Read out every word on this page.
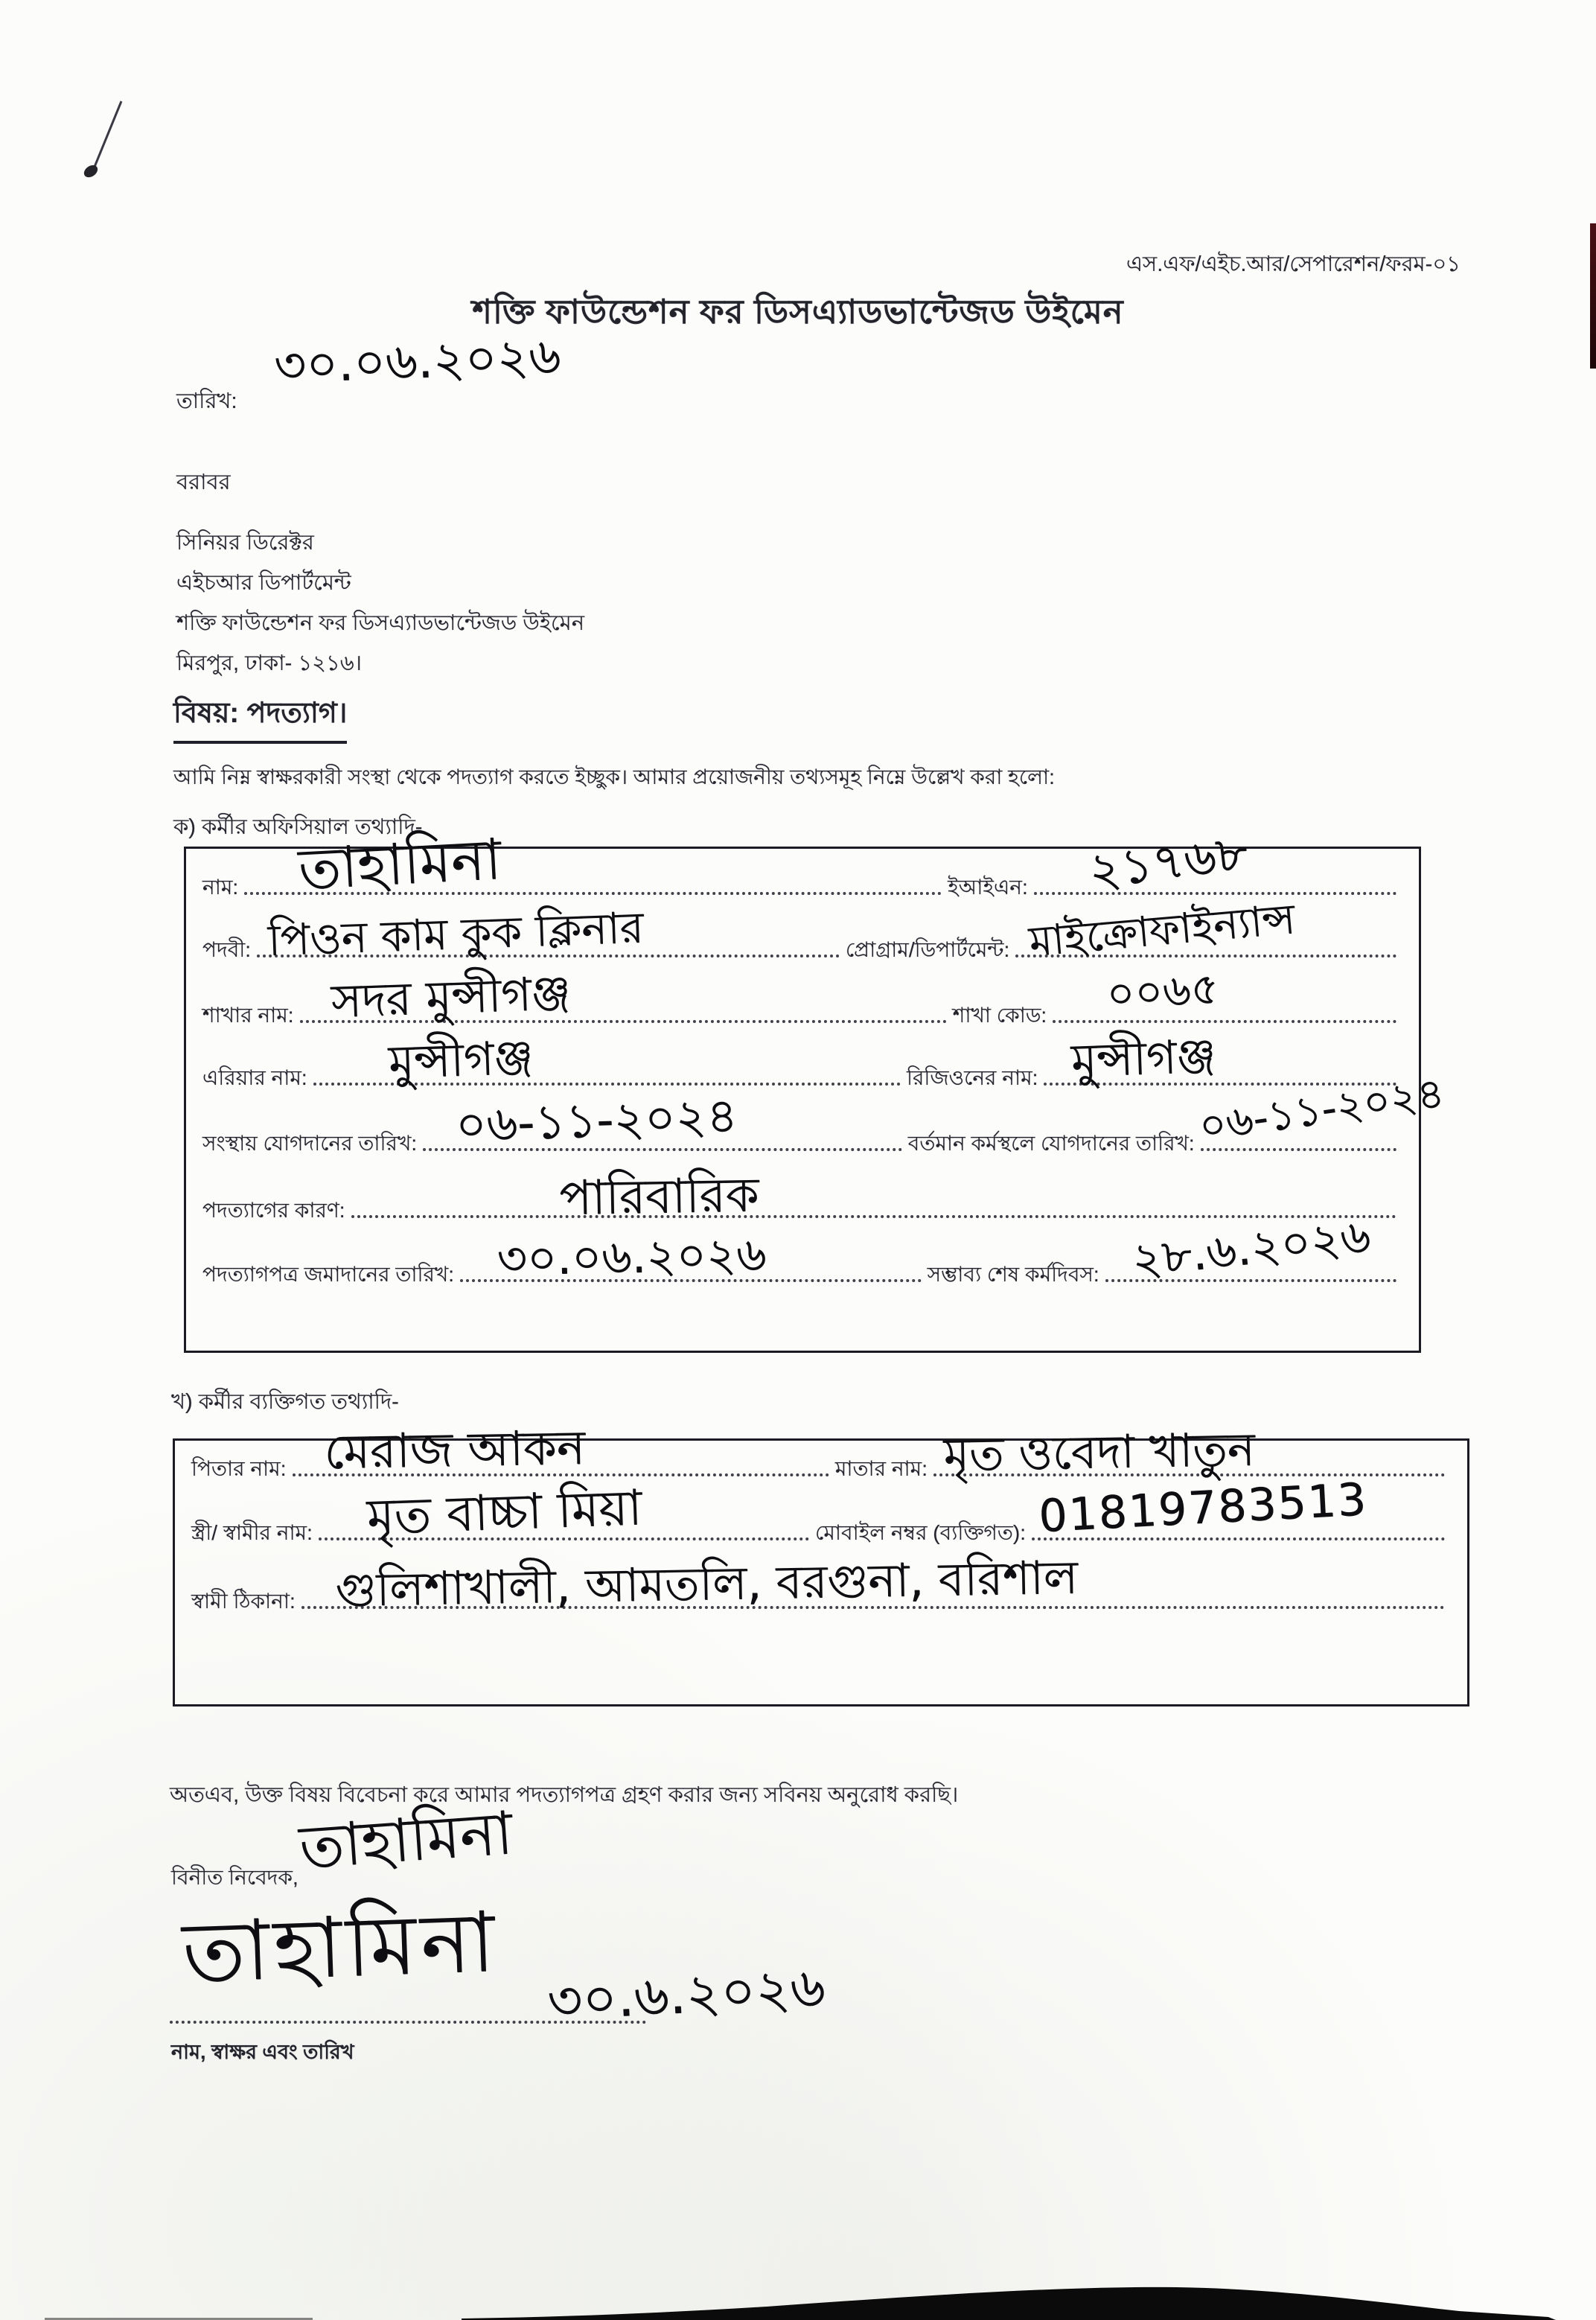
এস.এফ/এইচ.আর/সেপারেশন/ফরম-০১
শক্তি ফাউন্ডেশন ফর ডিসএ্যাডভান্টেজড উইমেন
তারিখ:
৩০.০৬.২০২৬
বরাবর
সিনিয়র ডিরেক্টর
এইচআর ডিপার্টমেন্ট
শক্তি ফাউন্ডেশন ফর ডিসএ্যাডভান্টেজড উইমেন
মিরপুর, ঢাকা- ১২১৬।
বিষয়: পদত্যাগ।
আমি নিম্ন স্বাক্ষরকারী সংস্থা থেকে পদত্যাগ করতে ইচ্ছুক। আমার প্রয়োজনীয় তথ্যসমূহ নিম্নে উল্লেখ করা হলো:
ক) কর্মীর অফিসিয়াল তথ্যাদি-
নাম: তাহামিনা	ইআইএন: ২১৭৬৮
পদবী: পিওন কাম কুক ক্লিনার	প্রোগ্রাম/ডিপার্টমেন্ট: মাইক্রোফাইন্যান্স
শাখার নাম: সদর মুন্সীগঞ্জ	শাখা কোড: ০০৬৫
এরিয়ার নাম: মুন্সীগঞ্জ	রিজিওনের নাম: মুন্সীগঞ্জ
সংস্থায় যোগদানের তারিখ: ০৬-১১-২০২৪	বর্তমান কর্মস্থলে যোগদানের তারিখ: ০৬-১১-২০২৪
পদত্যাগের কারণ:	পারিবারিক
পদত্যাগপত্র জমাদানের তারিখ: ৩০.০৬.২০২৬	সম্ভাব্য শেষ কর্মদিবস: ২৮.৬.২০২৬
খ) কর্মীর ব্যক্তিগত তথ্যাদি-
পিতার নাম: মেরাজ আকন	মাতার নাম: মৃত ওবেদা খাতুন
স্ত্রী/ স্বামীর নাম: মৃত বাচ্চা মিয়া	মোবাইল নম্বর (ব্যক্তিগত): 01819783513
স্বামী ঠিকানা: গুলিশাখালী, আমতলি, বরগুনা, বরিশাল
অতএব, উক্ত বিষয় বিবেচনা করে আমার পদত্যাগপত্র গ্রহণ করার জন্য সবিনয় অনুরোধ করছি।
বিনীত নিবেদক,
তাহামিনা
তাহামিনা ৩০.৬.২০২৬
নাম, স্বাক্ষর এবং তারিখ
